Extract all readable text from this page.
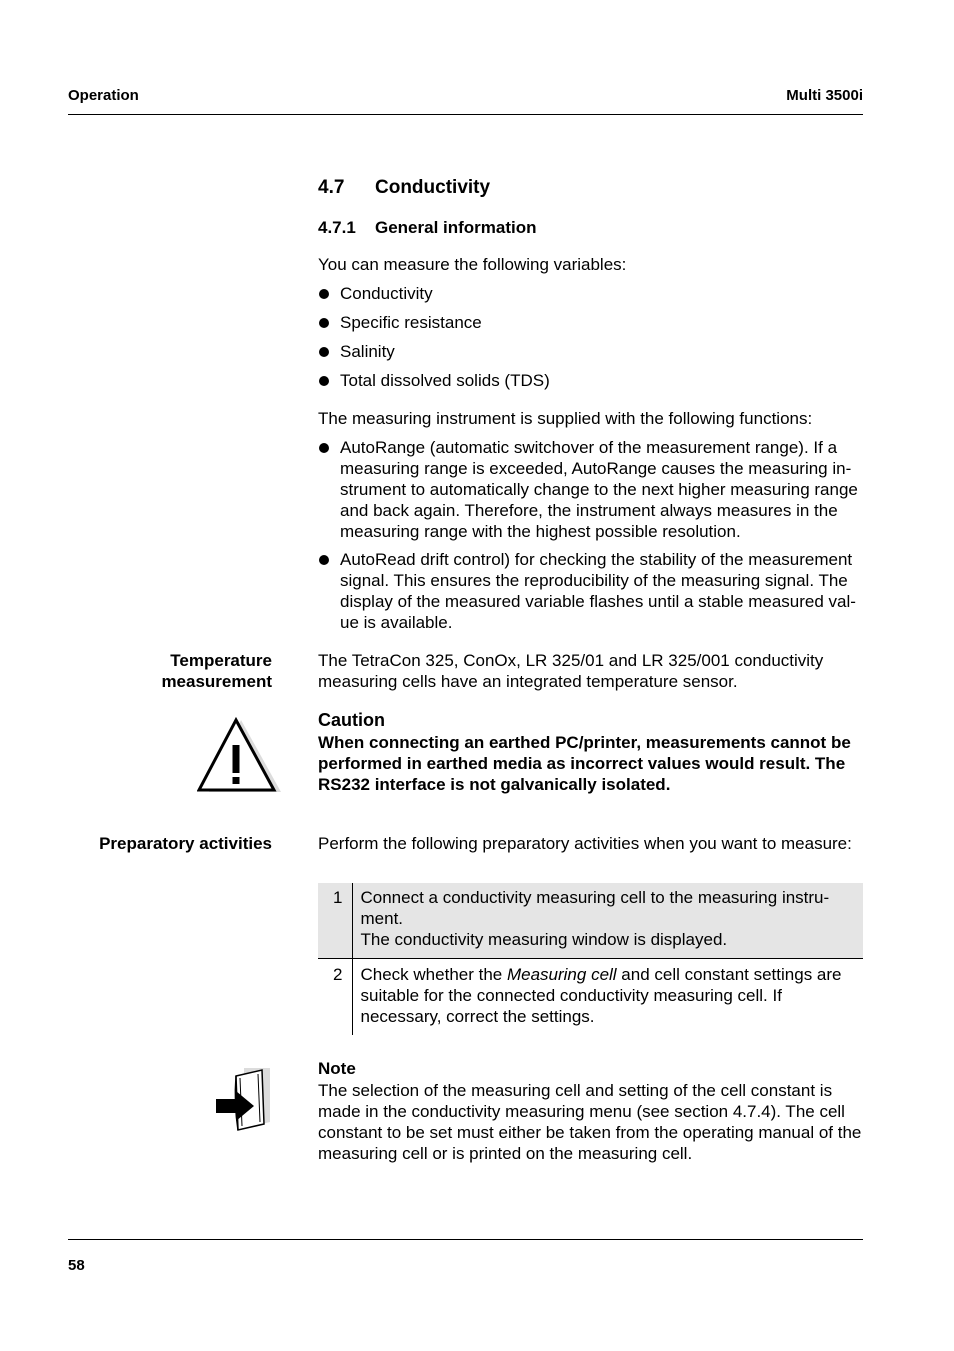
Operation	Multi 3500i
4.7 Conductivity
4.7.1 General information
You can measure the following variables:
Conductivity
Specific resistance
Salinity
Total dissolved solids (TDS)
The measuring instrument is supplied with the following functions:
AutoRange (automatic switchover of the measurement range). If a measuring range is exceeded, AutoRange causes the measuring in-strument to automatically change to the next higher measuring range and back again. Therefore, the instrument always measures in the measuring range with the highest possible resolution.
AutoRead drift control) for checking the stability of the measurement signal. This ensures the reproducibility of the measuring signal. The display of the measured variable flashes until a stable measured val-ue is available.
Temperature
measurement
The TetraCon 325, ConOx, LR 325/01 and LR 325/001 conductivity measuring cells have an integrated temperature sensor.
Caution
When connecting an earthed PC/printer, measurements cannot be performed in earthed media as incorrect values would result. The RS232 interface is not galvanically isolated.
Preparatory activities	Perform the following preparatory activities when you want to measure:
1	Connect a conductivity measuring cell to the measuring instru-ment.
The conductivity measuring window is displayed.

2	Check whether the Measuring cell and cell constant settings are suitable for the connected conductivity measuring cell. If necessary, correct the settings.
Note
The selection of the measuring cell and setting of the cell constant is made in the conductivity measuring menu (see section 4.7.4). The cell constant to be set must either be taken from the operating manual of the measuring cell or is printed on the measuring cell.
58
